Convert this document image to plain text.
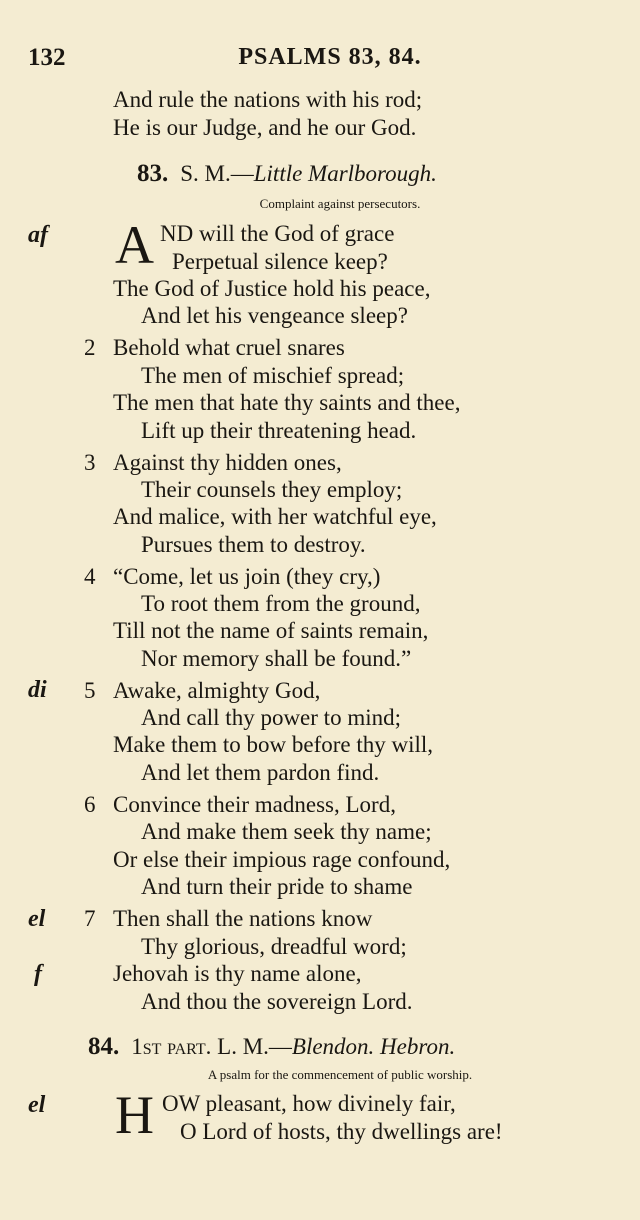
132	PSALMS 83, 84.
And rule the nations with his rod;
He is our Judge, and he our God.
83. S. M.—Little Marlborough.
Complaint against persecutors.
af A ND will the God of grace
Perpetual silence keep?
The God of Justice hold his peace,
And let his vengeance sleep?
2 Behold what cruel snares
The men of mischief spread;
The men that hate thy saints and thee,
Lift up their threatening head.
3 Against thy hidden ones,
Their counsels they employ;
And malice, with her watchful eye,
Pursues them to destroy.
4 “Come, let us join (they cry,)
To root them from the ground,
Till not the name of saints remain,
Nor memory shall be found.”
di 5 Awake, almighty God,
And call thy power to mind;
Make them to bow before thy will,
And let them pardon find.
6 Convince their madness, Lord,
And make them seek thy name;
Or else their impious rage confound,
And turn their pride to shame
el 7 Then shall the nations know
Thy glorious, dreadful word;
f	Jehovah is thy name alone,
And thou the sovereign Lord.
84. 1st part. L. M.—Blendon. Hebron.
A psalm for the commencement of public worship.
el H OW pleasant, how divinely fair,
O Lord of hosts, thy dwellings are!
